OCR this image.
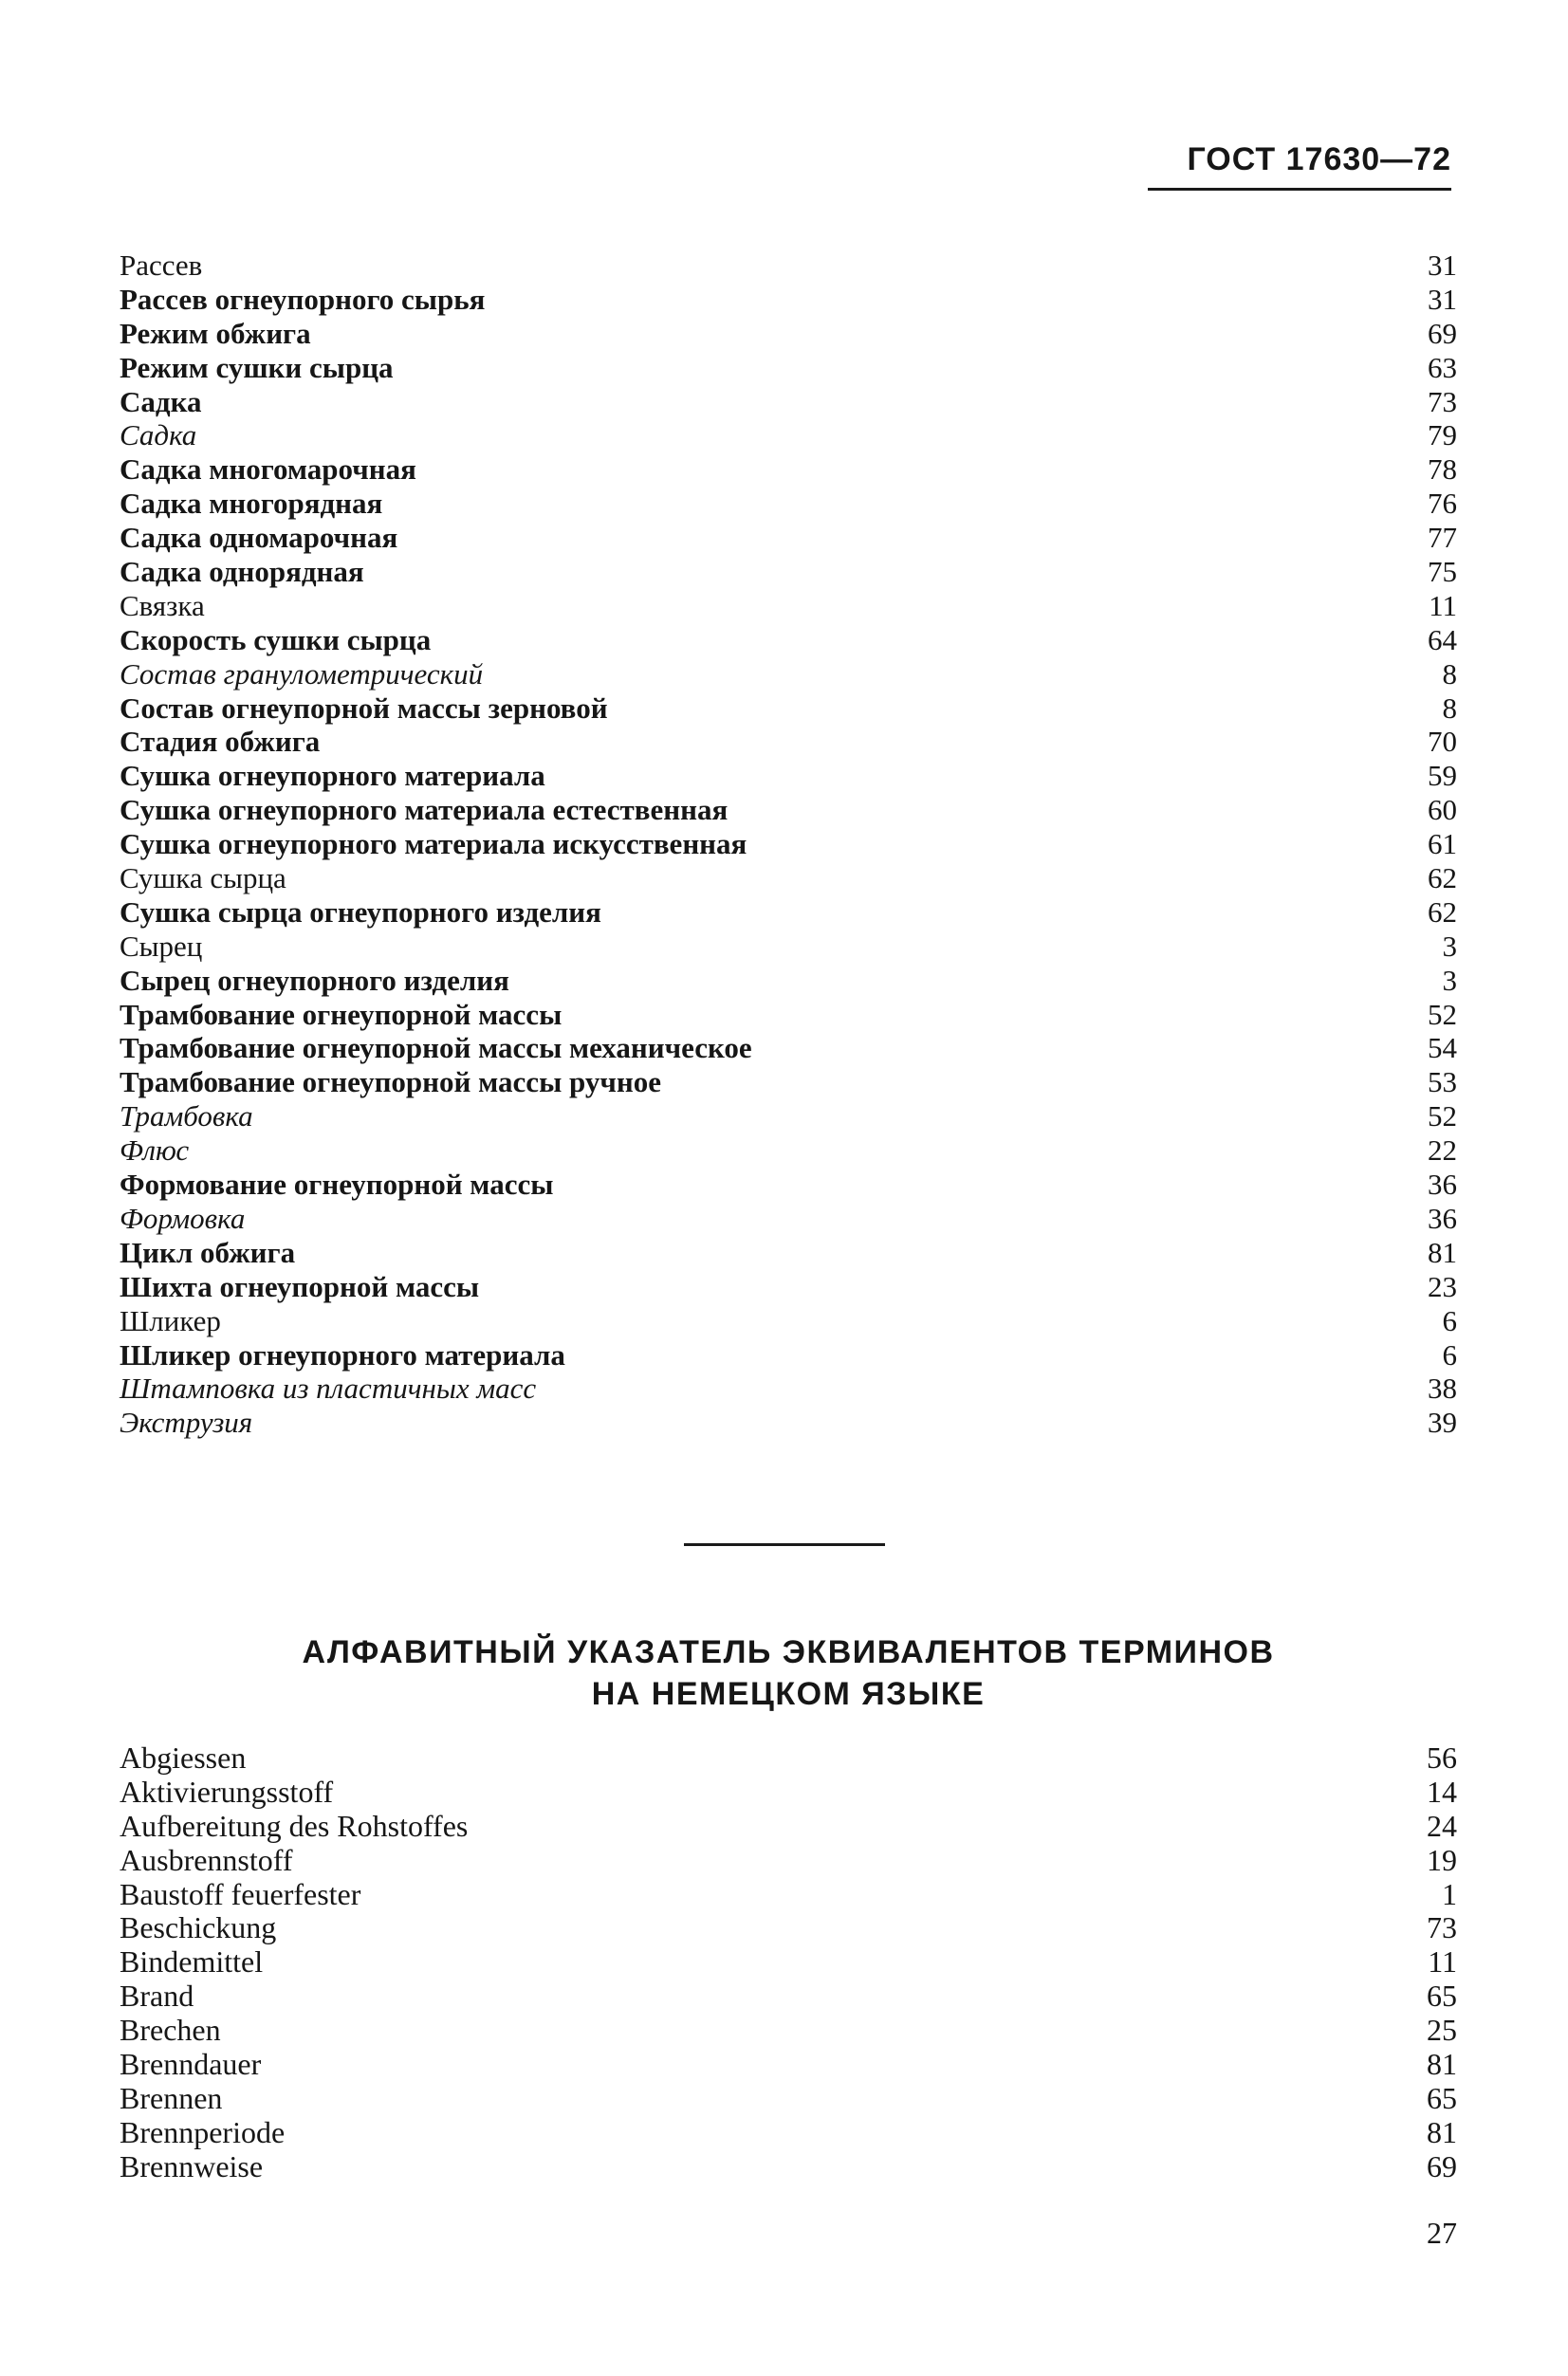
ГОСТ 17630—72
Рассев	31
Рассев огнеупорного сырья	31
Режим обжига	69
Режим сушки сырца	63
Садка	73
Садка	79
Садка многомарочная	78
Садка многорядная	76
Садка одномарочная	77
Садка однорядная	75
Связка	11
Скорость сушки сырца	64
Состав гранулометрический	8
Состав огнеупорной массы зерновой	8
Стадия обжига	70
Сушка огнеупорного материала	59
Сушка огнеупорного материала естественная	60
Сушка огнеупорного материала искусственная	61
Сушка сырца	62
Сушка сырца огнеупорного изделия	62
Сырец	3
Сырец огнеупорного изделия	3
Трамбование огнеупорной массы	52
Трамбование огнеупорной массы механическое	54
Трамбование огнеупорной массы ручное	53
Трамбовка	52
Флюс	22
Формование огнеупорной массы	36
Формовка	36
Цикл обжига	81
Шихта огнеупорной массы	23
Шликер	6
Шликер огнеупорного материала	6
Штамповка из пластичных масс	38
Экструзия	39
АЛФАВИТНЫЙ УКАЗАТЕЛЬ ЭКВИВАЛЕНТОВ ТЕРМИНОВ
НА НЕМЕЦКОМ ЯЗЫКЕ
Abgiessen	56
Aktivierungsstoff	14
Aufbereitung des Rohstoffes	24
Ausbrennstoff	19
Baustoff feuerfester	1
Beschickung	73
Bindemittel	11
Brand	65
Brechen	25
Brenndauer	81
Brennen	65
Brennperiode	81
Brennweise	69
27
